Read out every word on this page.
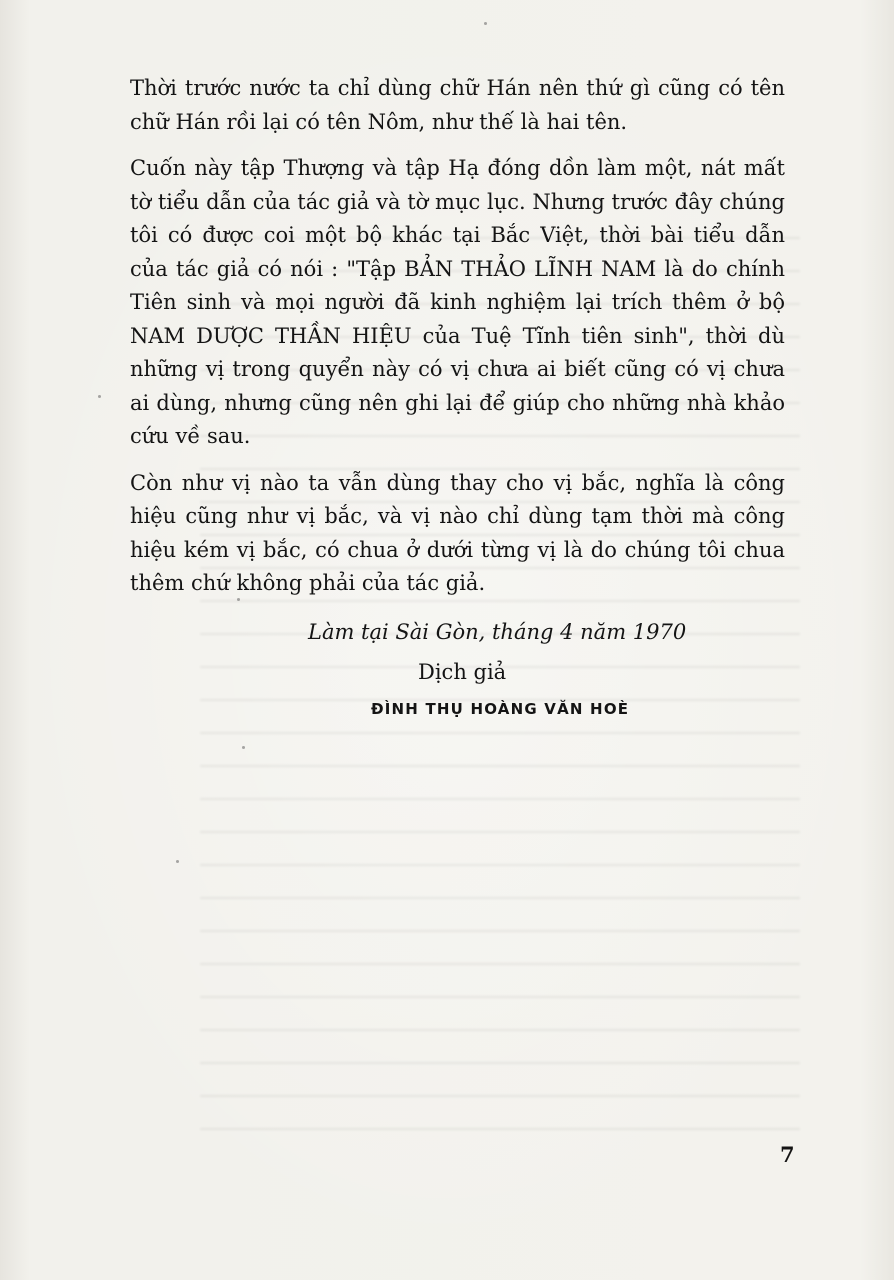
Thời trước nước ta chỉ dùng chữ Hán nên thứ gì cũng có tên chữ Hán rồi lại có tên Nôm, như thế là hai tên.

Cuốn này tập Thượng và tập Hạ đóng dồn làm một, nát mất tờ tiểu dẫn của tác giả và tờ mục lục. Nhưng trước đây chúng tôi có được coi một bộ khác tại Bắc Việt, thời bài tiểu dẫn của tác giả có nói : "Tập BẢN THẢO LĨNH NAM là do chính Tiên sinh và mọi người đã kinh nghiệm lại trích thêm ở bộ NAM DƯỢC THẦN HIỆU của Tuệ Tĩnh tiên sinh", thời dù những vị trong quyển này có vị chưa ai biết cũng có vị chưa ai dùng, nhưng cũng nên ghi lại để giúp cho những nhà khảo cứu về sau.

Còn như vị nào ta vẫn dùng thay cho vị bắc, nghĩa là công hiệu cũng như vị bắc, và vị nào chỉ dùng tạm thời mà công hiệu kém vị bắc, có chua ở dưới từng vị là do chúng tôi chua thêm chứ không phải của tác giả.

Làm tại Sài Gòn, tháng 4 năm 1970
Dịch giả
ĐÌNH THỤ HOÀNG VĂN HOÈ
7
